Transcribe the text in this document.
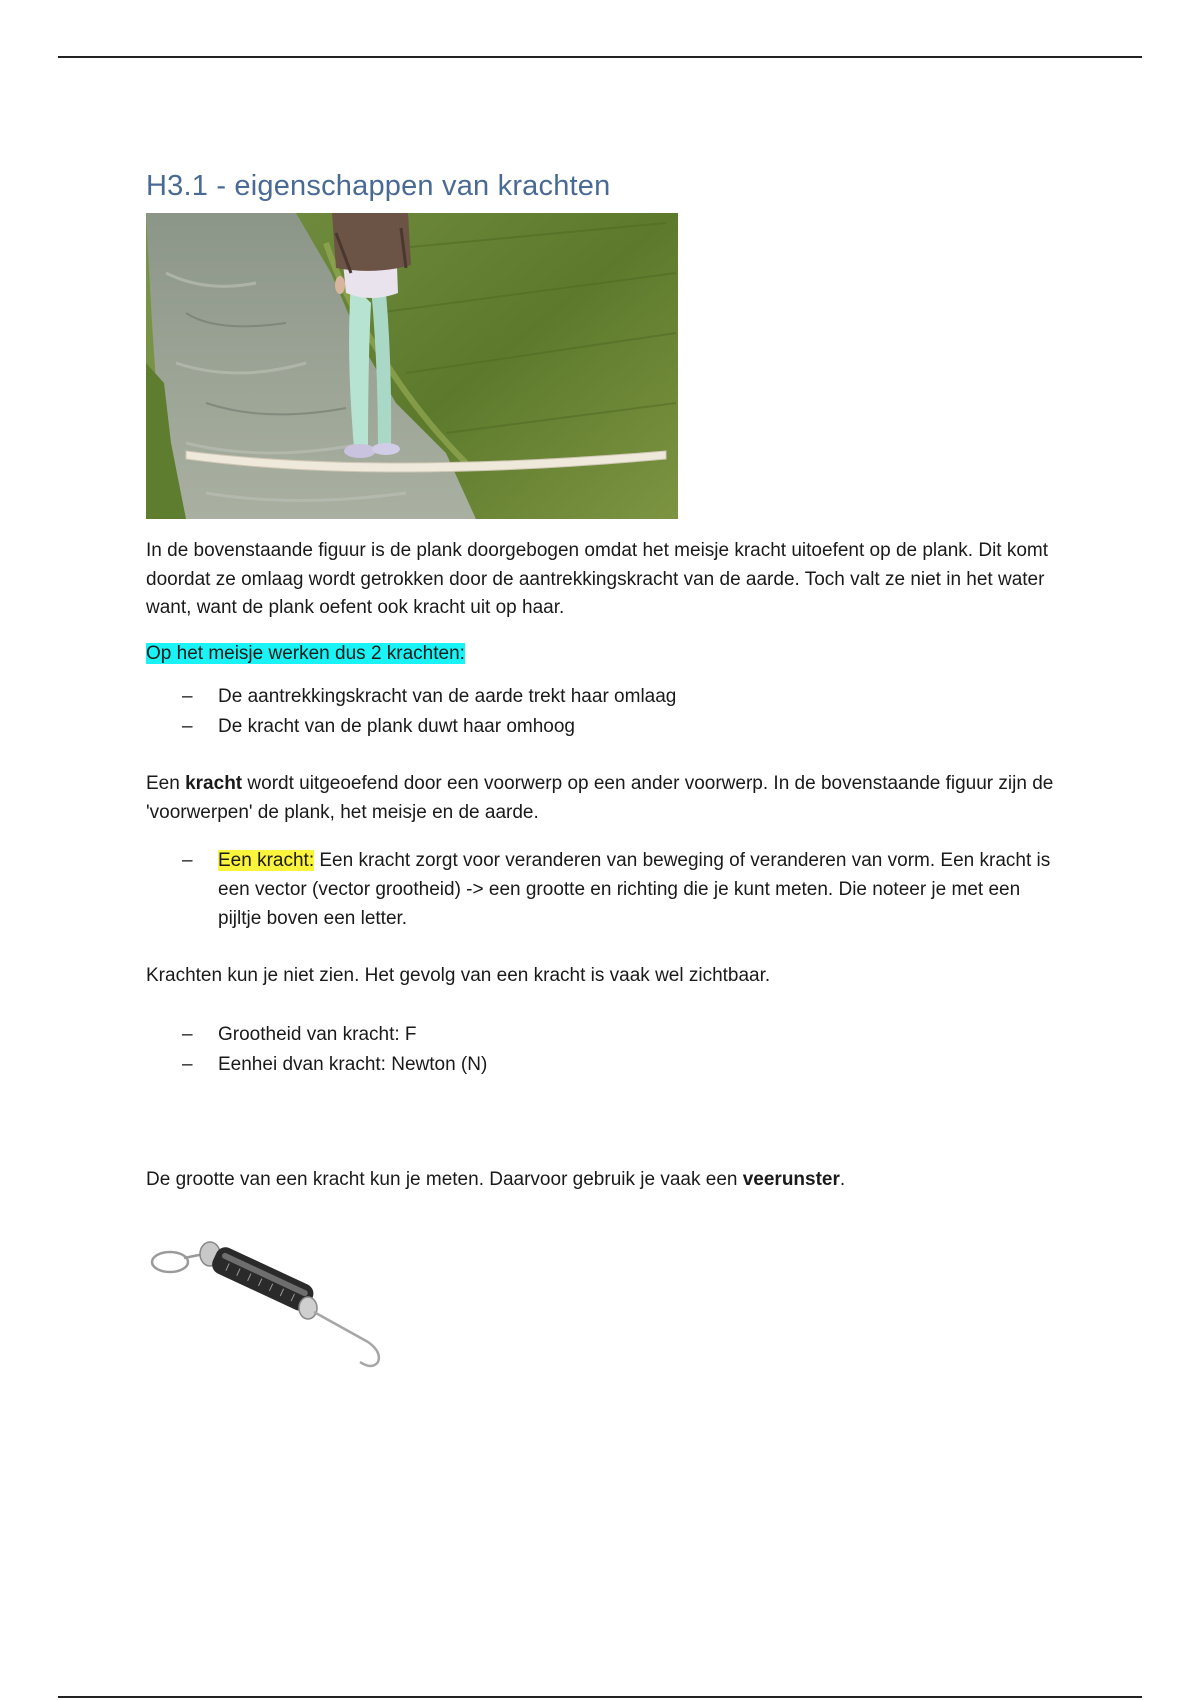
H3.1 - eigenschappen van krachten

In de bovenstaande figuur is de plank doorgebogen omdat het meisje kracht uitoefent op de plank. Dit komt doordat ze omlaag wordt getrokken door de aantrekkingskracht van de aarde. Toch valt ze niet in het water want, want de plank oefent ook kracht uit op haar.

Op het meisje werken dus 2 krachten:

– De aantrekkingskracht van de aarde trekt haar omlaag
– De kracht van de plank duwt haar omhoog

Een kracht wordt uitgeoefend door een voorwerp op een ander voorwerp. In de bovenstaande figuur zijn de 'voorwerpen' de plank, het meisje en de aarde.

– Een kracht: Een kracht zorgt voor veranderen van beweging of veranderen van vorm. Een kracht is een vector (vector grootheid) -> een grootte en richting die je kunt meten. Die noteer je met een pijltje boven een letter.

Krachten kun je niet zien. Het gevolg van een kracht is vaak wel zichtbaar.

– Grootheid van kracht: F
– Eenhei dvan kracht: Newton (N)

De grootte van een kracht kun je meten. Daarvoor gebruik je vaak een veerunster.
